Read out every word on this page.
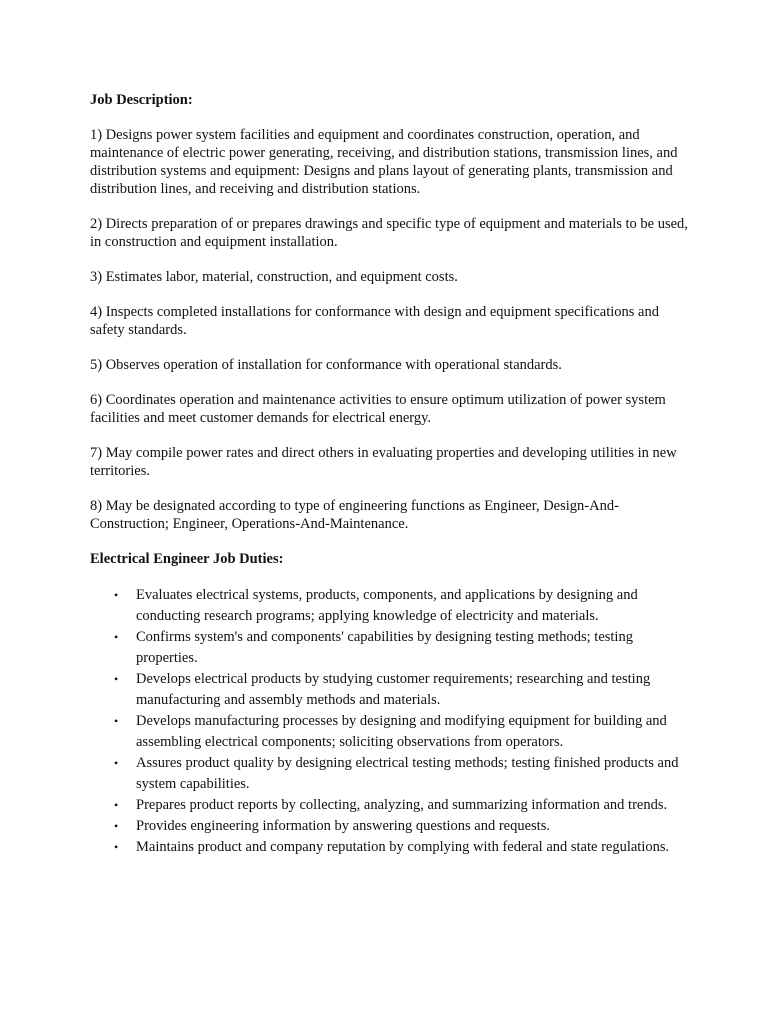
Job Description:

1) Designs power system facilities and equipment and coordinates construction, operation, and maintenance of electric power generating, receiving, and distribution stations, transmission lines, and distribution systems and equipment: Designs and plans layout of generating plants, transmission and distribution lines, and receiving and distribution stations.

2) Directs preparation of or prepares drawings and specific type of equipment and materials to be used, in construction and equipment installation.

3) Estimates labor, material, construction, and equipment costs.

4) Inspects completed installations for conformance with design and equipment specifications and safety standards.

5) Observes operation of installation for conformance with operational standards.

6) Coordinates operation and maintenance activities to ensure optimum utilization of power system facilities and meet customer demands for electrical energy.

7) May compile power rates and direct others in evaluating properties and developing utilities in new territories.

8) May be designated according to type of engineering functions as Engineer, Design-And-Construction; Engineer, Operations-And-Maintenance.

Electrical Engineer Job Duties:
• Evaluates electrical systems, products, components, and applications by designing and conducting research programs; applying knowledge of electricity and materials.
• Confirms system's and components' capabilities by designing testing methods; testing properties.
• Develops electrical products by studying customer requirements; researching and testing manufacturing and assembly methods and materials.
• Develops manufacturing processes by designing and modifying equipment for building and assembling electrical components; soliciting observations from operators.
• Assures product quality by designing electrical testing methods; testing finished products and system capabilities.
• Prepares product reports by collecting, analyzing, and summarizing information and trends.
• Provides engineering information by answering questions and requests.
• Maintains product and company reputation by complying with federal and state regulations.
